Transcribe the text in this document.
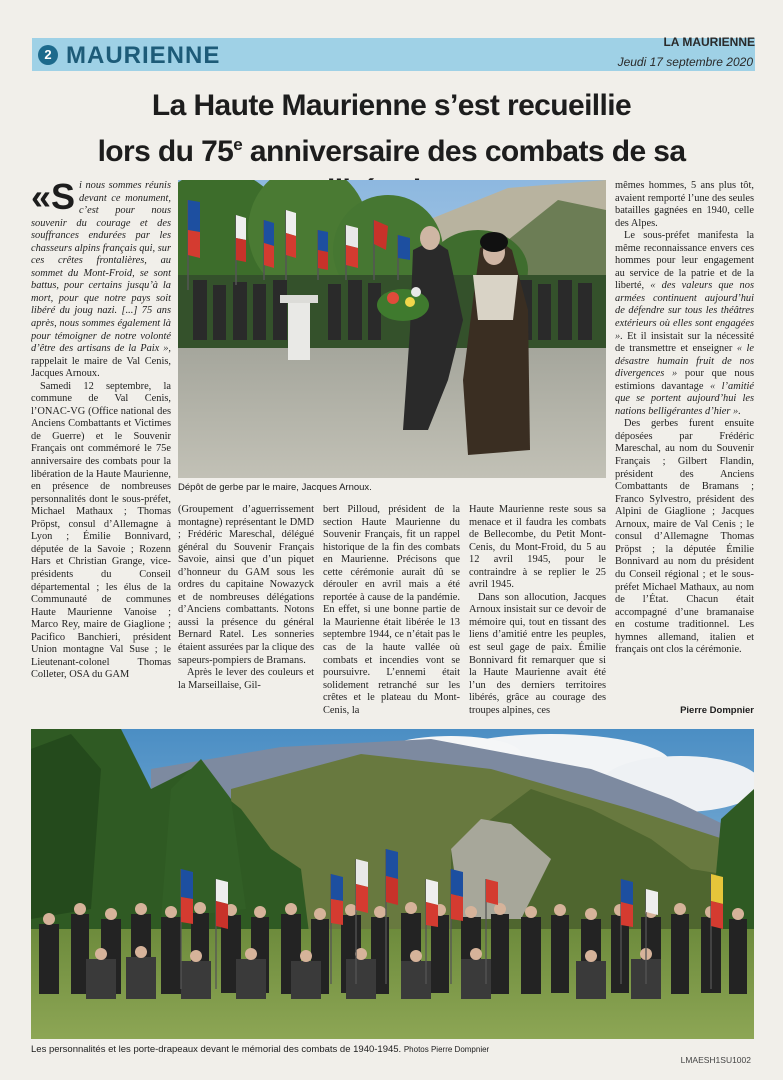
2 MAURIENNE	LA MAURIENNE
Jeudi 17 septembre 2020
La Haute Maurienne s’est recueillie
lors du 75e anniversaire des combats de sa

«Si nous sommes réunis devant ce monument, c’est pour nous souvenir du courage et des souffrances endurées par les chasseurs alpins français qui, sur ces crêtes frontalières, au sommet du Mont-Froid, se sont battus, pour certains jusqu’à la mort, pour que notre pays soit libéré du joug nazi. [...] 75 ans après, nous sommes également là pour témoigner de notre volonté d’être des artisans de la Paix », rappelait le maire de Val Cenis, Jacques Arnoux.

Samedi 12 septembre, la commune de Val Cenis, l’ONAC-VG (Office national des Anciens Combattants et Victimes de Guerre) et le Souvenir Français ont commémoré le 75e anniversaire des combats pour la libération de la Haute Maurienne, en présence de nombreuses personnalités dont le sous-préfet, Michael Mathaux ; Thomas Pröpst, consul d’Allemagne à Lyon ; Émilie Bonnivard, députée de la Savoie ; Rozenn Hars et Christian Grange, vice-présidents du Conseil départemental ; les élus de la Communauté de communes Haute Maurienne Vanoise ; Marco Rey, maire de Giaglione ; Pacifico Banchieri, président Union montagne Val Suse ; le Lieutenant-colonel Thomas Colleter, OSA du GAM

Dépôt de gerbe par le maire, Jacques Arnoux.

(Groupement d’aguerrissement montagne) représentant le DMD ; Frédéric Mareschal, délégué général du Souvenir Français Savoie, ainsi que d’un piquet d’honneur du GAM sous les ordres du capitaine Nowazyck et de nombreuses délégations d’Anciens combattants. Notons aussi la présence du général Bernard Ratel. Les sonneries étaient assurées par la clique des sapeurs-pompiers de Bramans.

Après le lever des couleurs et la Marseillaise, Gil-

bert Pilloud, président de la section Haute Maurienne du Souvenir Français, fit un rappel historique de la fin des combats en Maurienne. Précisons que cette cérémonie aurait dû se dérouler en avril mais a été reportée à cause de la pandémie. En effet, si une bonne partie de la Maurienne était libérée le 13 septembre 1944, ce n’était pas le cas de la haute vallée où combats et incendies vont se poursuivre. L’ennemi était solidement retranché sur les crêtes et le plateau du Mont-Cenis, la

Haute Maurienne reste sous sa menace et il faudra les combats de Bellecombe, du Petit Mont-Cenis, du Mont-Froid, du 5 au 12 avril 1945, pour le contraindre à se replier le 25 avril 1945.

Dans son allocution, Jacques Arnoux insistait sur ce devoir de mémoire qui, tout en tissant des liens d’amitié entre les peuples, est seul gage de paix. Émilie Bonnivard fit remarquer que si la Haute Maurienne avait été l’un des derniers territoires libérés, grâce au courage des troupes alpines, ces

mêmes hommes, 5 ans plus tôt, avaient remporté l’une des seules batailles gagnées en 1940, celle des Alpes.

Le sous-préfet manifesta la même reconnaissance envers ces hommes pour leur engagement au service de la patrie et de la liberté, « des valeurs que nos armées continuent aujourd’hui de défendre sur tous les théâtres extérieurs où elles sont engagées ». Et il insistait sur la nécessité de transmettre et enseigner « le désastre humain fruit de nos divergences » pour que nous estimions davantage « l’amitié que se portent aujourd’hui les nations belligérantes d’hier ».

Des gerbes furent ensuite déposées par Frédéric Mareschal, au nom du Souvenir Français ; Gilbert Flandin, président des Anciens Combattants de Bramans ; Franco Sylvestro, président des Alpini de Giaglione ; Jacques Arnoux, maire de Val Cenis ; le consul d’Allemagne Thomas Pröpst ; la députée Émilie Bonnivard au nom du président du Conseil régional ; et le sous-préfet Michael Mathaux, au nom de l’État. Chacun était accompagné d’une bramanaise en costume traditionnel. Les hymnes allemand, italien et français ont clos la cérémonie.

Pierre Dompnier
Les personnalités et les porte-drapeaux devant le mémorial des combats de 1940-1945. Photos Pierre Dompnier
LMAESH1SU1002
